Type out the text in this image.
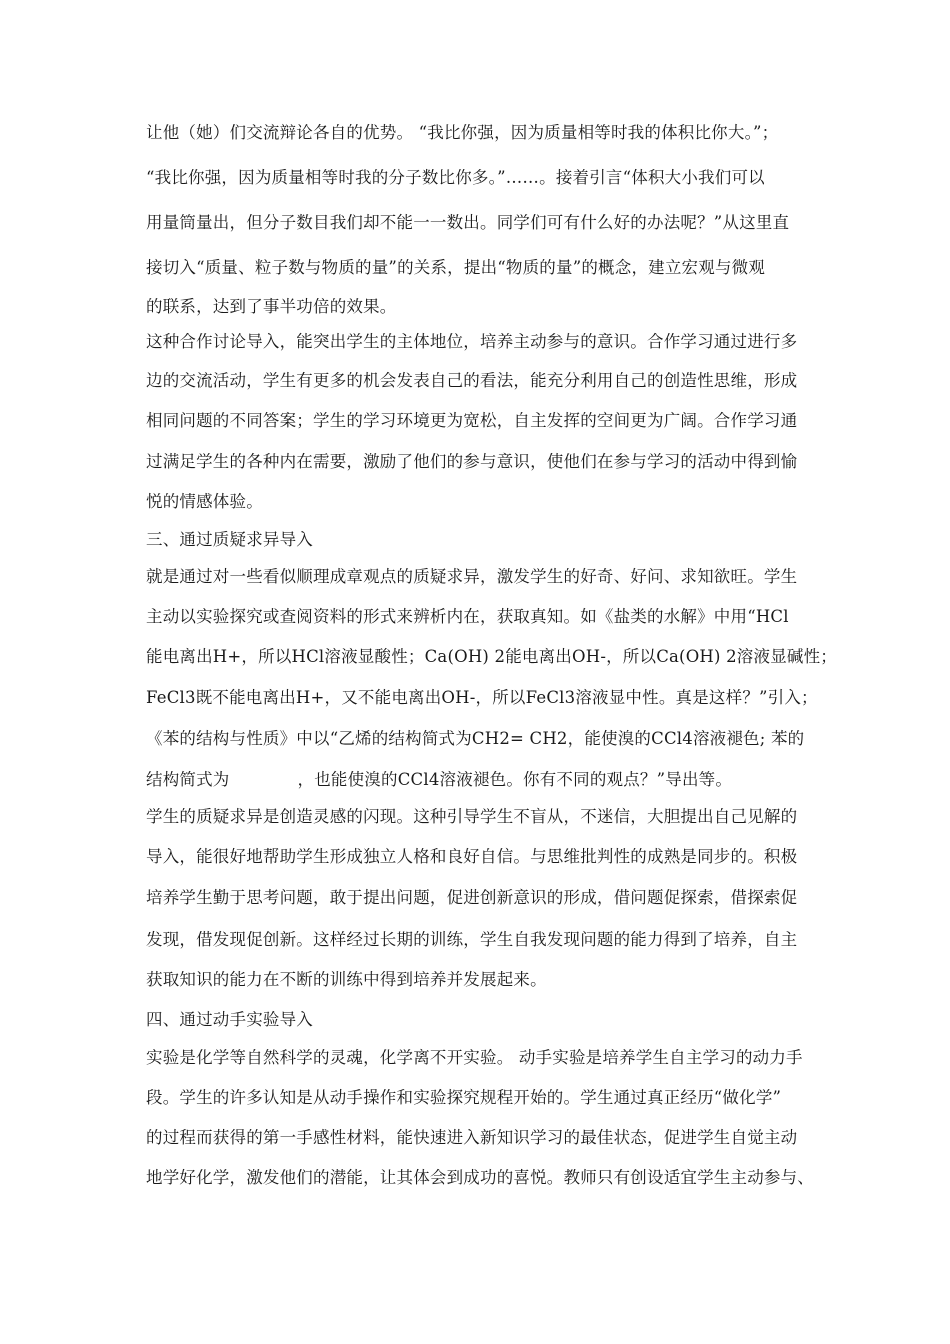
让他（她）们交流辩论各自的优势。 “我比你强，因为质量相等时我的体积比你大。”；
“我比你强，因为质量相等时我的分子数比你多。”……。接着引言“体积大小我们可以
用量筒量出，但分子数目我们却不能一一数出。同学们可有什么好的办法呢？”从这里直
接切入“质量、粒子数与物质的量”的关系，提出“物质的量”的概念，建立宏观与微观
的联系，达到了事半功倍的效果。
这种合作讨论导入，能突出学生的主体地位，培养主动参与的意识。合作学习通过进行多
边的交流活动，学生有更多的机会发表自己的看法，能充分利用自己的创造性思维，形成
相同问题的不同答案；学生的学习环境更为宽松，自主发挥的空间更为广阔。合作学习通
过满足学生的各种内在需要，激励了他们的参与意识，使他们在参与学习的活动中得到愉
悦的情感体验。
三、通过质疑求异导入
就是通过对一些看似顺理成章观点的质疑求异，激发学生的好奇、好问、求知欲旺。学生
主动以实验探究或查阅资料的形式来辨析内在，获取真知。如《盐类的水解》中用“HCl
能电离出H+，所以HCl溶液显酸性；Ca(OH) 2能电离出OH-，所以Ca(OH) 2溶液显碱性；
FeCl3既不能电离出H+，又不能电离出OH-，所以FeCl3溶液显中性。真是这样？”引入；
《苯的结构与性质》中以“乙烯的结构简式为CH2= CH2，能使溴的CCl4溶液褪色; 苯的
结构简式为	，也能使溴的CCl4溶液褪色。你有不同的观点？”导出等。
学生的质疑求异是创造灵感的闪现。这种引导学生不盲从，不迷信，大胆提出自己见解的
导入，能很好地帮助学生形成独立人格和良好自信。与思维批判性的成熟是同步的。积极
培养学生勤于思考问题，敢于提出问题，促进创新意识的形成，借问题促探索，借探索促
发现，借发现促创新。这样经过长期的训练，学生自我发现问题的能力得到了培养，自主
获取知识的能力在不断的训练中得到培养并发展起来。
四、通过动手实验导入
实验是化学等自然科学的灵魂，化学离不开实验。 动手实验是培养学生自主学习的动力手
段。学生的许多认知是从动手操作和实验探究规程开始的。学生通过真正经历“做化学”
的过程而获得的第一手感性材料，能快速进入新知识学习的最佳状态，促进学生自觉主动
地学好化学，激发他们的潜能，让其体会到成功的喜悦。教师只有创设适宜学生主动参与、
